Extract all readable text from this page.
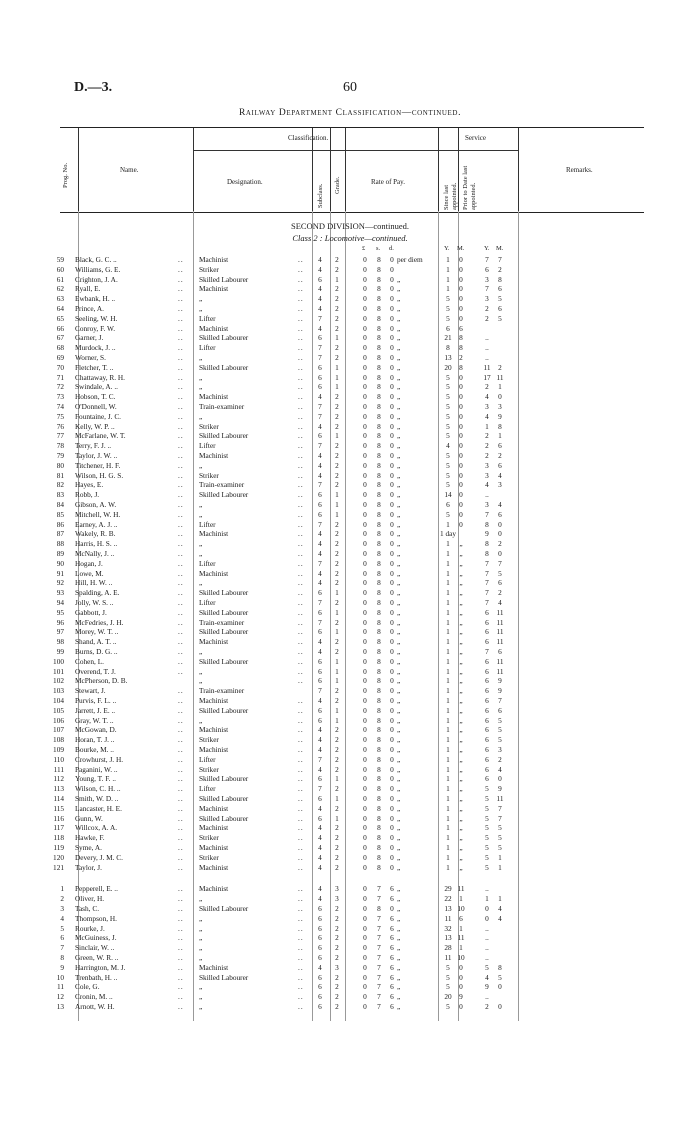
D.—3.	60
Railway Department Classification—continued.
Prog. No.	Name.
Classification.
Designation.
Subclass. Grade.	Rate of Pay.
Service
Since last appointed. Prior to Date last appointed.
Remarks.
SECOND DIVISION—continued.
Class 2 : Locomotive—continued.
£ s. d.	Y. M.	Y. M.
59 Black, G. C. ..	.. Machinist	..	4	2	0 8 0 per diem	1	0	7	7
60 Williams, G. E.	.. Striker	..	4	2	0 8 0	1	0	6	2
61 Crighton, J. A.	.. Skilled Labourer	..	6	1	0 8 0 „	1	0	3	8
62 Ryall, E.	.. Machinist	..	4	2	0 8 0 „	1	0	7	6
63 Ewbank, H. ..	.. „	..	4	2	0 8 0 „	5	0	3	5
64 Prince, A.	.. „	..	4	2	0 8 0 „	5	0	2	6
65 Seeling, W. H.	.. Lifter	..	7	2	0 8 0 „	5	0	2	5
66 Conroy, F. W.	.. Machinist	..	4	2	0 8 0 „	6	6
67 Garner, J.	.. Skilled Labourer	..	6	1	0 8 0 „	21	8	..
68 Murdock, J. ..	.. Lifter	..	7	2	0 8 0 „	8	8	..
69 Worner, S.	.. „	..	7	2	0 8 0 „	13	2	..
70 Fletcher, T. ..	.. Skilled Labourer	..	6	1	0 8 0 „	20	8	11	2
71 Chattaway, R. H.	.. „	..	6	1	0 8 0 „	5	0	17 11
72 Swindale, A. ..	.. „	..	6	1	0 8 0 „	5	0	2	1
73 Hobson, T. C.	.. Machinist	..	4	2	0 8 0 „	5	0	4	0
74 O'Donnell, W.	.. Train-examiner	..	7	2	0 8 0 „	5	0	3	3
75 Fountaine, J. C.	.. „	..	7	2	0 8 0 „	5	0	4	9
76 Kelly, W. P. ..	.. Striker	..	4	2	0 8 0 „	5	0	1	8
77 McFarlane, W. T.	.. Skilled Labourer	..	6	1	0 8 0 „	5	0	2	1
78 Terry, F. J. ..	.. Lifter	..	7	2	0 8 0 „	4	0	2	6
79 Taylor, J. W. ..	.. Machinist	..	4	2	0 8 0 „	5	0	2	2
80 Titchener, H. F.	.. „	..	4	2	0 8 0 „	5	0	3	6
81 Wilson, H. G. S.	.. Striker	..	4	2	0 8 0 „	5	0	3	4
82 Hayes, E.	.. Train-examiner	..	7	2	0 8 0 „	5	0	4	3
83 Robb, J.	.. Skilled Labourer	..	6	1	0 8 0 „	14	0	..
84 Gibson, A. W.	.. „	..	6	1	0 8 0 „	6	0	3	4
85 Mitchell, W. H.	.. „	..	6	1	0 8 0 „	5	0	7	6
86 Earney, A. J. ..	.. Lifter	..	7	2	0 8 0 „	1	0	8	0
87 Wakely, R. B.	.. Machinist	..	4	2	0 8 0 „	1 day	9	0
88 Harris, H. S. ..	.. „	..	4	2	0 8 0 „	1	„	8	2
89 McNally, J. ..	.. „	..	4	2	0 8 0 „	1	„	8	0
90 Hogan, J.	.. Lifter	..	7	2	0 8 0 „	1	„	7	7
91 Lowe, M.	.. Machinist	..	4	2	0 8 0 „	1	„	7	5
92 Hill, H. W. ..	.. „	..	4	2	0 8 0 „	1	„	7	6
93 Spalding, A. E.	.. Skilled Labourer	..	6	1	0 8 0 „	1	„	7	2
94 Jolly, W. S. ..	.. Lifter	..	7	2	0 8 0 „	1	„	7	4
95 Gabbott, J.	.. Skilled Labourer	..	6	1	0 8 0 „	1	„	6	11
96 McFedries, J. H.	.. Train-examiner	..	7	2	0 8 0 „	1	„	6	11
97 Morey, W. T. ..	.. Skilled Labourer	..	6	1	0 8 0 „	1	„	6	11
98 Shand, A. T. ..	.. Machinist	..	4	2	0 8 0 „	1	„	6	11
99 Burns, D. G. ..	.. „	..	4	2	0 8 0 „	1	„	7	6
100 Cohen, L.	.. Skilled Labourer	..	6	1	0 8 0 „	1	„	6	11
101 Overend, T. J.	.. „	..	6	1	0 8 0 „	1	„	6	11
102 McPherson, D. B.	„	..	6	1	0 8 0 „	1	„	6	9
103 Stewart, J.	.. Train-examiner	7	2	0 8 0 „	1	„	6	9
104 Purvis, F. L. ..	.. Machinist	..	4	2	0 8 0 „	1	„	6	7
105 Jarrett, J. E. ..	.. Skilled Labourer	..	6	1	0 8 0 „	1	„	6	6
106 Gray, W. T. ..	.. „	..	6	1	0 8 0 „	1	„	6	5
107 McGowan, D.	.. Machinist	..	4	2	0 8 0 „	1	„	6	5
108 Horan, T. J. ..	.. Striker	..	4	2	0 8 0 „	1	„	6	5
109 Bourke, M. ..	.. Machinist	..	4	2	0 8 0 „	1	„	6	3
110 Crowhurst, J. H.	.. Lifter	..	7	2	0 8 0 „	1	„	6	2
111 Paganini, W. ..	.. Striker	..	4	2	0 8 0 „	1	„	6	4
112 Young, T. F. ..	.. Skilled Labourer	..	6	1	0 8 0 „	1	„	6	0
113 Wilson, C. H. ..	.. Lifter	..	7	2	0 8 0 „	1	„	5	9
114 Smith, W. D. ..	.. Skilled Labourer	..	6	1	0 8 0 „	1	„	5	11
115 Lancaster, H. E.	.. Machinist	..	4	2	0 8 0 „	1	„	5	7
116 Gunn, W.	.. Skilled Labourer	..	6	1	0 8 0 „	1	„	5	7
117 Willcox, A. A.	.. Machinist	..	4	2	0 8 0 „	1	„	5	5
118 Hawke, F.	.. Striker	..	4	2	0 8 0 „	1	„	5	5
119 Syme, A.	.. Machinist	..	4	2	0 8 0 „	1	„	5	5
120 Devery, J. M. C.	.. Striker	..	4	2	0 8 0 „	1	„	5	1
121 Taylor, J.	.. Machinist	..	4	2	0 8 0 „	1	„	5	1
1 Pepperell, E. ..	.. Machinist	..	4	3	0 7 6 „	29 11	..
2 Oliver, H.	.. „	..	4	3	0 7 6 „	22	1	1	1
3 Tash, C.	.. Skilled Labourer	..	6	2	0 8 0 „	13 10	0	4
4 Thompson, H.	.. „	..	6	2	0 7 6 „	11	6	0	4
5 Rourke, J.	.. „	..	6	2	0 7 6 „	32	1	..
6 McGuiness, J.	.. „	..	6	2	0 7 6 „	13 11	..
7 Sinclair, W. ..	.. „	..	6	2	0 7 6 „	28	1	..
8 Green, W. R. ..	.. „	..	6	2	0 7 6 „	11 10	..
9 Harrington, M. J.	.. Machinist	..	4	3	0 7 6 „	5	0	5	8
10 Trenbath, H. ..	.. Skilled Labourer	..	6	2	0 7 6 „	5	0	4	5
11 Cole, G.	.. „	..	6	2	0 7 6 „	5	0	9	0
12 Cronin, M. ..	.. „	..	6	2	0 7 6 „	20	9	..
13 Arnott, W. H.	.. „	..	6	2	0 7 6 „	5	0	2	0
